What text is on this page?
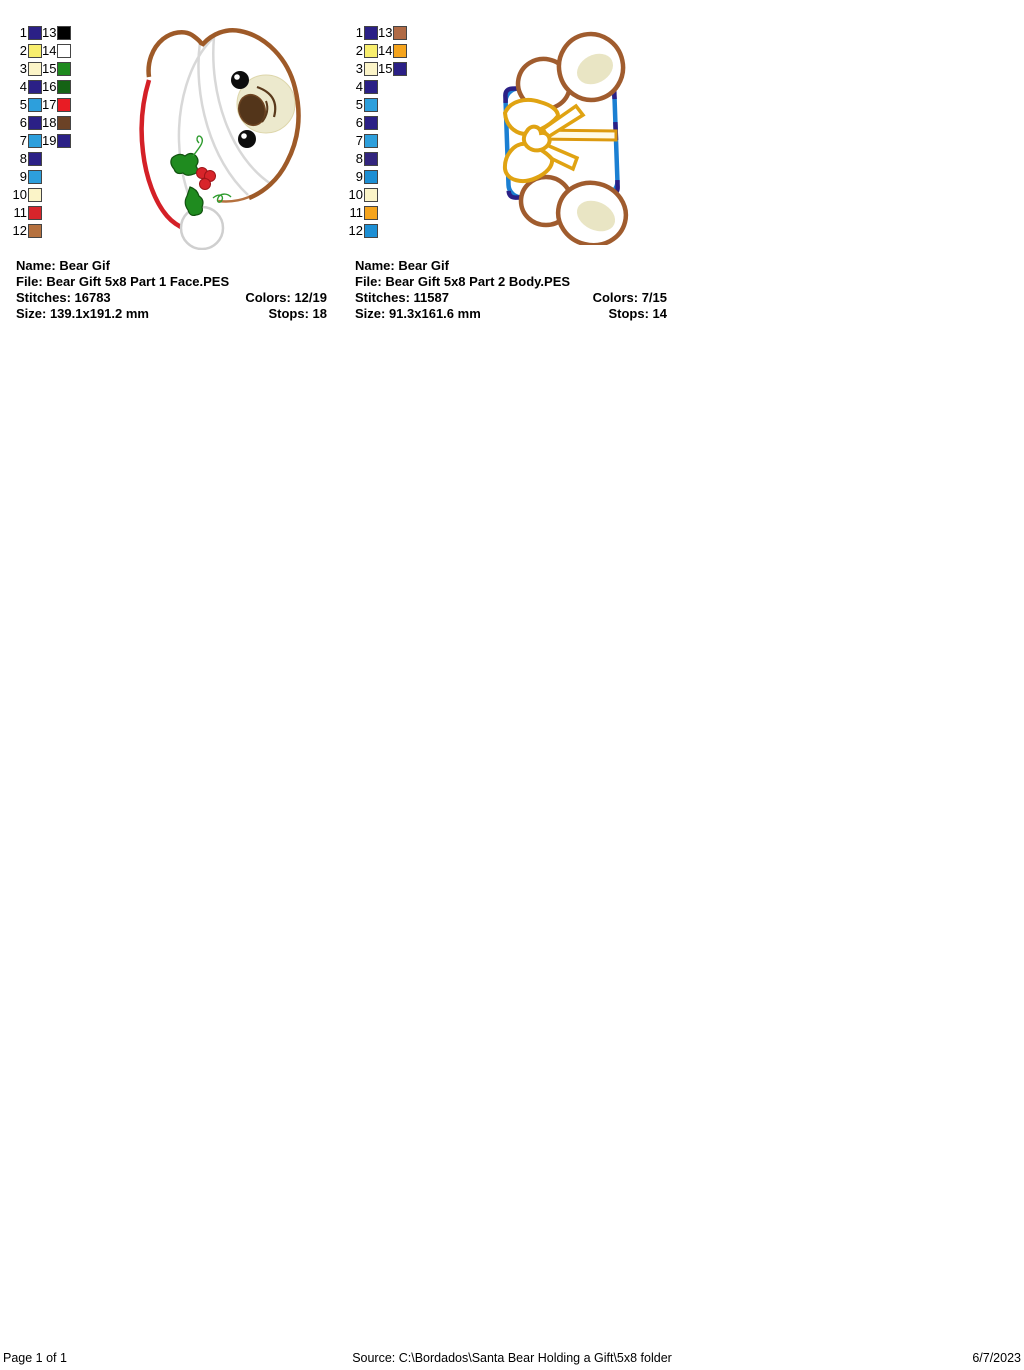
1
2
3
4
5
6
7
8
9
10
11
12
13
14
15
16
17
18
19
Name: Bear Gif
File: Bear Gift 5x8 Part 1 Face.PES
Stitches: 16783	Colors: 12/19
Size: 139.1x191.2 mm	Stops: 18
1
2
3
4
5
6
7
8
9
10
11
12
13
14
15
Name: Bear Gif
File: Bear Gift 5x8 Part 2 Body.PES
Stitches: 11587	Colors: 7/15
Size: 91.3x161.6 mm	Stops: 14
Page 1 of 1	Source: C:\Bordados\Santa Bear Holding a Gift\5x8 folder	6/7/2023
